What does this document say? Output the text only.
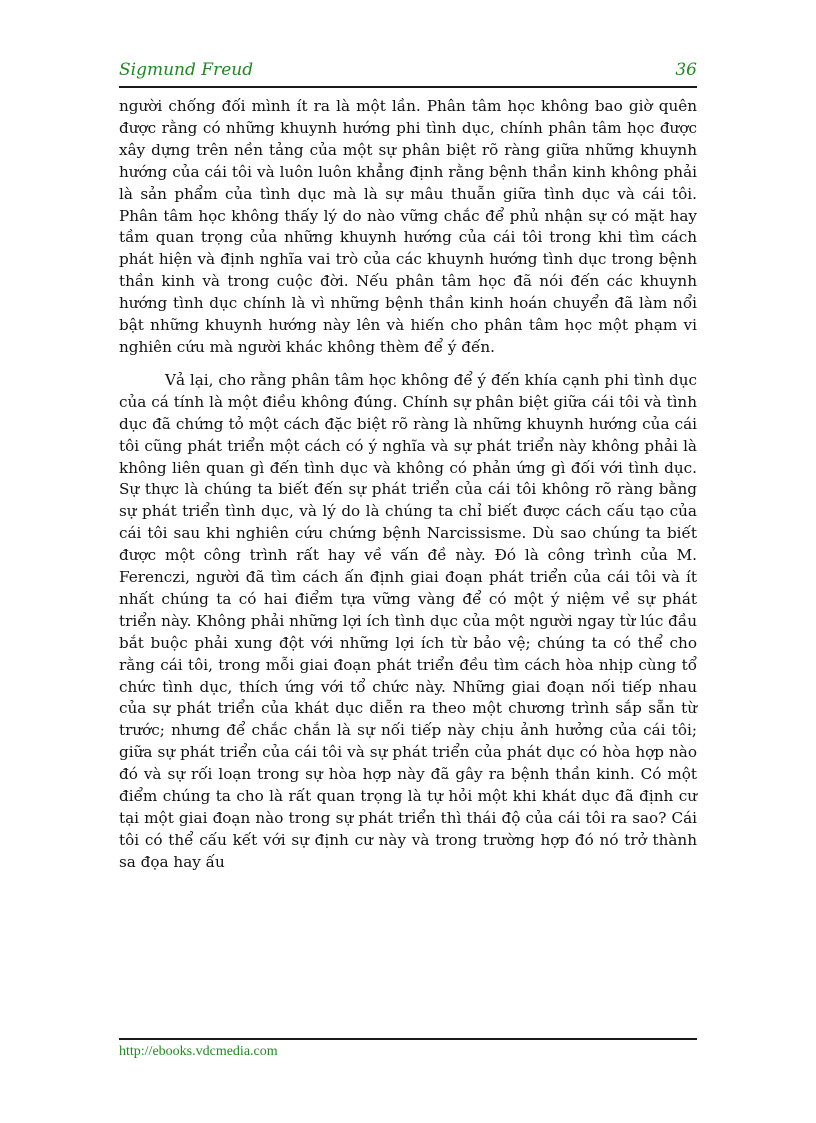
Sigmund Freud	36

người chống đối mình ít ra là một lần. Phân tâm học không bao giờ quên được rằng có những khuynh hướng phi tình dục, chính phân tâm học được xây dựng trên nền tảng của một sự phân biệt rõ ràng giữa những khuynh hướng của cái tôi và luôn luôn khẳng định rằng bệnh thần kinh không phải là sản phẩm của tình dục mà là sự mâu thuẫn giữa tình dục và cái tôi. Phân tâm học không thấy lý do nào vững chắc để phủ nhận sự có mặt hay tầm quan trọng của những khuynh hướng của cái tôi trong khi tìm cách phát hiện và định nghĩa vai trò của các khuynh hướng tình dục trong bệnh thần kinh và trong cuộc đời. Nếu phân tâm học đã nói đến các khuynh hướng tình dục chính là vì những bệnh thần kinh hoán chuyển đã làm nổi bật những khuynh hướng này lên và hiến cho phân tâm học một phạm vi nghiên cứu mà người khác không thèm để ý đến.

Vả lại, cho rằng phân tâm học không để ý đến khía cạnh phi tình dục của cá tính là một điều không đúng. Chính sự phân biệt giữa cái tôi và tình dục đã chứng tỏ một cách đặc biệt rõ ràng là những khuynh hướng của cái tôi cũng phát triển một cách có ý nghĩa và sự phát triển này không phải là không liên quan gì đến tình dục và không có phản ứng gì đối với tình dục. Sự thực là chúng ta biết đến sự phát triển của cái tôi không rõ ràng bằng sự phát triển tình dục, và lý do là chúng ta chỉ biết được cách cấu tạo của cái tôi sau khi nghiên cứu chứng bệnh Narcissisme. Dù sao chúng ta biết được một công trình rất hay về vấn đề này. Đó là công trình của M. Ferenczi, người đã tìm cách ấn định giai đoạn phát triển của cái tôi và ít nhất chúng ta có hai điểm tựa vững vàng để có một ý niệm về sự phát triển này. Không phải những lợi ích tình dục của một người ngay từ lúc đầu bắt buộc phải xung đột với những lợi ích từ bảo vệ; chúng ta có thể cho rằng cái tôi, trong mỗi giai đoạn phát triển đều tìm cách hòa nhịp cùng tổ chức tình dục, thích ứng với tổ chức này. Những giai đoạn nối tiếp nhau của sự phát triển của khát dục diễn ra theo một chương trình sắp sẵn từ trước; nhưng để chắc chắn là sự nối tiếp này chịu ảnh hưởng của cái tôi; giữa sự phát triển của cái tôi và sự phát triển của phát dục có hòa hợp nào đó và sự rối loạn trong sự hòa hợp này đã gây ra bệnh thần kinh. Có một điểm chúng ta cho là rất quan trọng là tự hỏi một khi khát dục đã định cư tại một giai đoạn nào trong sự phát triển thì thái độ của cái tôi ra sao? Cái tôi có thể cấu kết với sự định cư này và trong trường hợp đó nó trở thành sa đọa hay ấu

http://ebooks.vdcmedia.com
